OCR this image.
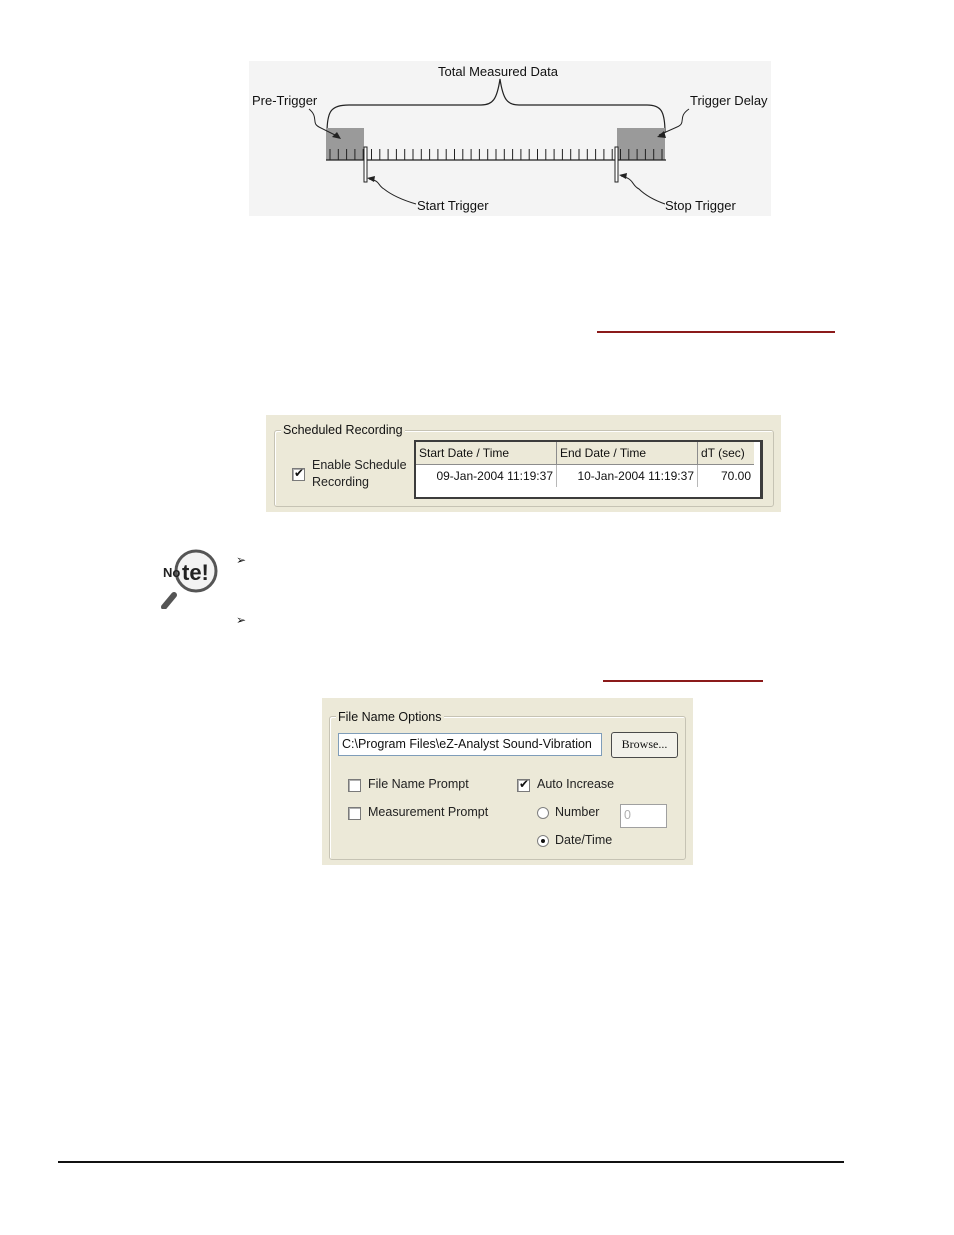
Total Measured Data
Pre-Trigger	Trigger Delay
Start Trigger	Stop Trigger
Scheduled Recording
✔
Enable Schedule
Recording
Start Date / Time	End Date / Time	dT (sec)
09-Jan-2004 11:19:37	10-Jan-2004 11:19:37	70.00
No te! ➢
➢
File Name Options
C:\Program Files\eZ-Analyst Sound-Vibration	Browse...
File Name Prompt
Measurement Prompt
✔ Auto Increase
Number	0
Date/Time
